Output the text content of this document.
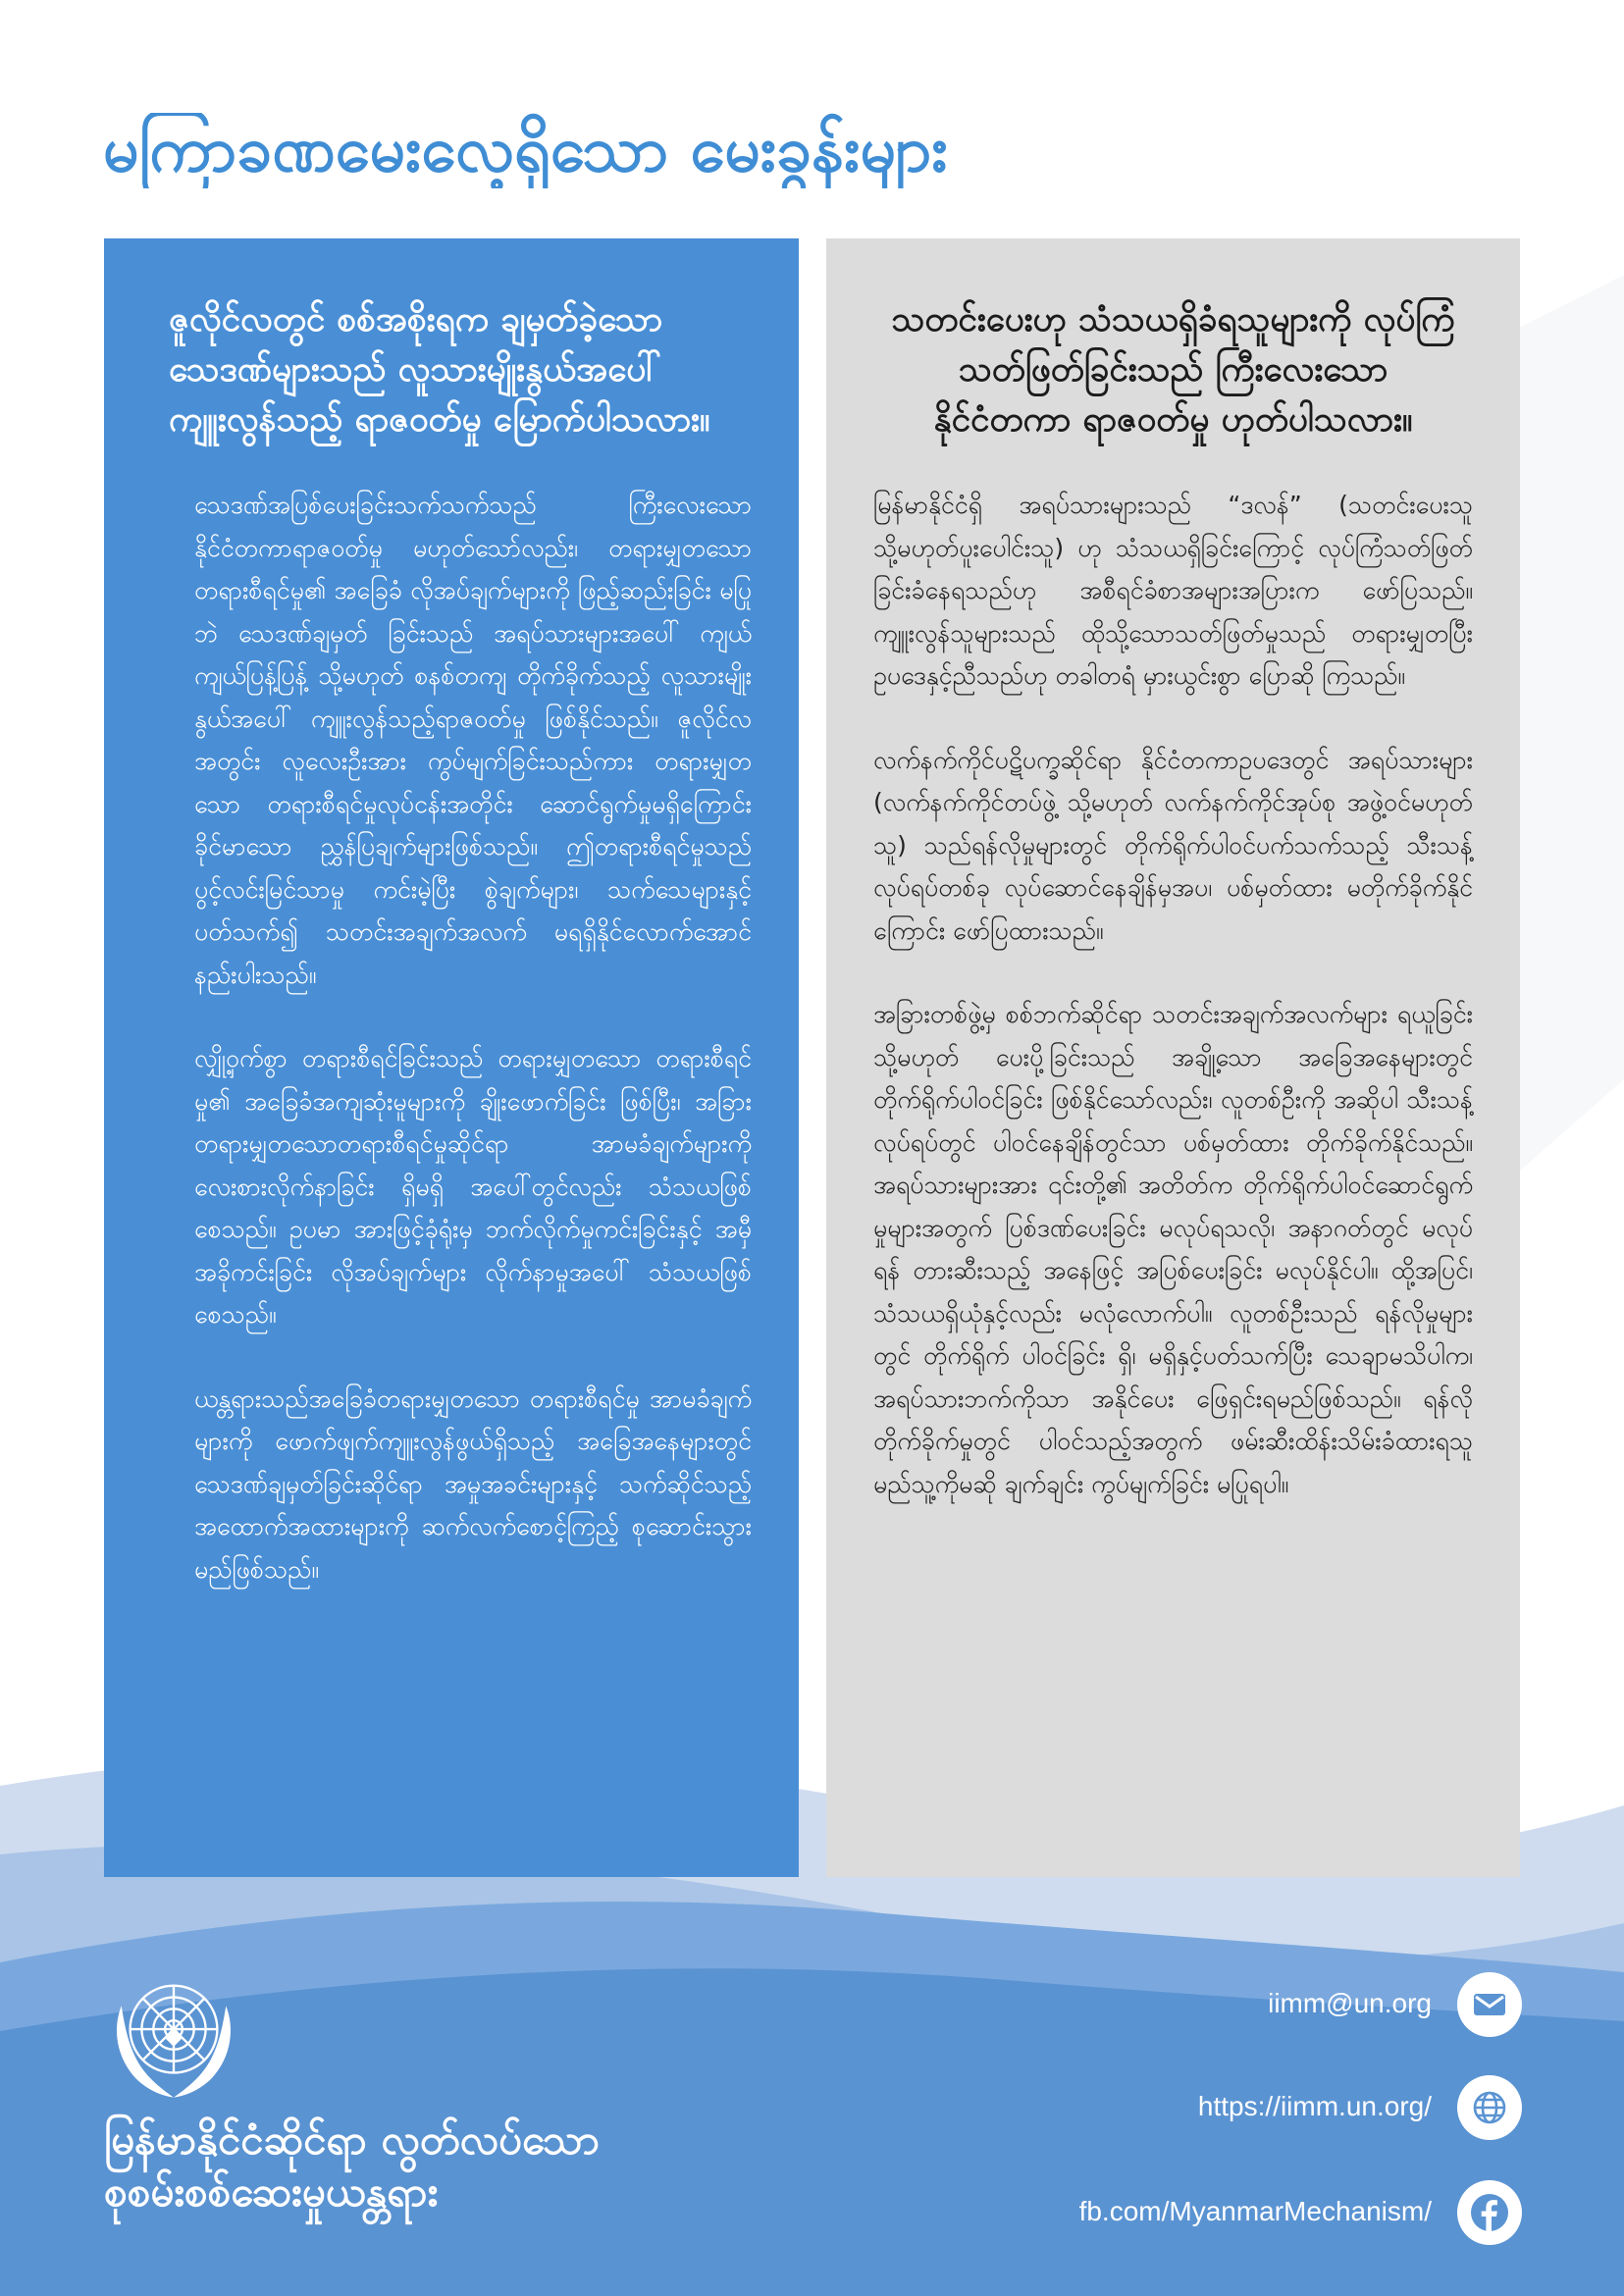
မကြာခဏမေးလေ့ရှိသော မေးခွန်းများ
ဇူလိုင်လတွင် စစ်အစိုးရက ချမှတ်ခဲ့သော သေဒဏ်များသည် လူသားမျိုးနွယ်အပေါ် ကျူးလွန်သည့် ရာဇဝတ်မှု မြောက်ပါသလား။

သေဒဏ်အပြစ်ပေးခြင်းသက်သက်သည် ကြီးလေးသော နိုင်ငံတကာရာဇဝတ်မှု မဟုတ်သော်လည်း၊ တရားမျှတသော တရားစီရင်မှု၏ အခြေခံ လိုအပ်ချက်များကို ဖြည့်ဆည်းခြင်း မပြုဘဲ သေဒဏ်ချမှတ် ခြင်းသည် အရပ်သားများအပေါ် ကျယ်ကျယ်ပြန့်ပြန့် သို့မဟုတ် စနစ်တကျ တိုက်ခိုက်သည့် လူသားမျိုးနွယ်အပေါ် ကျူးလွန်သည့်ရာဇဝတ်မှု ဖြစ်နိုင်သည်။ ဇူလိုင်လအတွင်း လူလေးဦးအား ကွပ်မျက်ခြင်းသည်ကား တရားမျှတသော တရားစီရင်မှုလုပ်ငန်းအတိုင်း ဆောင်ရွက်မှုမရှိကြောင်း ခိုင်မာသော ညွှန်ပြချက်များဖြစ်သည်။ ဤတရားစီရင်မှုသည် ပွင့်လင်းမြင်သာမှု ကင်းမဲ့ပြီး စွဲချက်များ၊ သက်သေများနှင့် ပတ်သက်၍ သတင်းအချက်အလက် မရရှိနိုင်လောက်အောင် နည်းပါးသည်။

လျှို့ဝှက်စွာ တရားစီရင်ခြင်းသည် တရားမျှတသော တရားစီရင်မှု၏ အခြေခံအကျဆုံးမူများကို ချိုးဖောက်ခြင်း ဖြစ်ပြီး၊ အခြားတရားမျှတသောတရားစီရင်မှုဆိုင်ရာ အာမခံချက်များကို လေးစားလိုက်နာခြင်း ရှိမရှိ အပေါ်တွင်လည်း သံသယဖြစ်စေသည်။ ဥပမာ အားဖြင့်ခုံရုံးမှ ဘက်လိုက်မှုကင်းခြင်းနှင့် အမှီအခိုကင်းခြင်း လိုအပ်ချက်များ လိုက်နာမှုအပေါ် သံသယဖြစ်စေသည်။

ယန္တရားသည်အခြေခံတရားမျှတသော တရားစီရင်မှု အာမခံချက်များကို ဖောက်ဖျက်ကျူးလွန်ဖွယ်ရှိသည့် အခြေအနေများတွင် သေဒဏ်ချမှတ်ခြင်းဆိုင်ရာ အမှုအခင်းများနှင့် သက်ဆိုင်သည့် အထောက်အထားများကို ဆက်လက်စောင့်ကြည့် စုဆောင်းသွားမည်ဖြစ်သည်။

သတင်းပေးဟု သံသယရှိခံရသူများကို လုပ်ကြံသတ်ဖြတ်ခြင်းသည် ကြီးလေးသော နိုင်ငံတကာ ရာဇဝတ်မှု ဟုတ်ပါသလား။

မြန်မာနိုင်ငံရှိ အရပ်သားများသည် “ဒလန်” (သတင်းပေးသူ သို့မဟုတ်ပူးပေါင်းသူ) ဟု သံသယရှိခြင်းကြောင့် လုပ်ကြံသတ်ဖြတ်ခြင်းခံနေရသည်ဟု အစီရင်ခံစာအများအပြားက ဖော်ပြသည်။ ကျူးလွန်သူများသည် ထိုသို့သောသတ်ဖြတ်မှုသည် တရားမျှတပြီး ဥပဒေနှင့်ညီသည်ဟု တခါတရံ မှားယွင်းစွာ ပြောဆို ကြသည်။

လက်နက်ကိုင်ပဋိပက္ခဆိုင်ရာ နိုင်ငံတကာဥပဒေတွင် အရပ်သားများ (လက်နက်ကိုင်တပ်ဖွဲ့ သို့မဟုတ် လက်နက်ကိုင်အုပ်စု အဖွဲ့ဝင်မဟုတ်သူ) သည်ရန်လိုမှုများတွင် တိုက်ရိုက်ပါဝင်ပက်သက်သည့် သီးသန့် လုပ်ရပ်တစ်ခု လုပ်ဆောင်နေချိန်မှအပ၊ ပစ်မှတ်ထား မတိုက်ခိုက်နိုင်ကြောင်း ဖော်ပြထားသည်။

အခြားတစ်ဖွဲ့မှ စစ်ဘက်ဆိုင်ရာ သတင်းအချက်အလက်များ ရယူခြင်း သို့မဟုတ် ပေးပို့ခြင်းသည် အချို့သော အခြေအနေများတွင် တိုက်ရိုက်ပါဝင်ခြင်း ဖြစ်နိုင်သော်လည်း၊ လူတစ်ဦးကို အဆိုပါ သီးသန့် လုပ်ရပ်တွင် ပါဝင်နေချိန်တွင်သာ ပစ်မှတ်ထား တိုက်ခိုက်နိုင်သည်။ အရပ်သားများအား ၎င်းတို့၏ အတိတ်က တိုက်ရိုက်ပါဝင်ဆောင်ရွက်မှုများအတွက် ပြစ်ဒဏ်ပေးခြင်း မလုပ်ရသလို၊ အနာဂတ်တွင် မလုပ်ရန် တားဆီးသည့် အနေဖြင့် အပြစ်ပေးခြင်း မလုပ်နိုင်ပါ။ ထို့အပြင်၊ သံသယရှိယုံနှင့်လည်း မလုံလောက်ပါ။ လူတစ်ဦးသည် ရန်လိုမှုများတွင် တိုက်ရိုက် ပါဝင်ခြင်း ရှိ၊ မရှိနှင့်ပတ်သက်ပြီး သေချာမသိပါက၊ အရပ်သားဘက်ကိုသာ အနိုင်ပေး ဖြေရှင်းရမည်ဖြစ်သည်။ ရန်လိုတိုက်ခိုက်မှုတွင် ပါဝင်သည့်အတွက် ဖမ်းဆီးထိန်းသိမ်းခံထားရသူ မည်သူ့ကိုမဆို ချက်ချင်း ကွပ်မျက်ခြင်း မပြုရပါ။

မြန်မာနိုင်ငံဆိုင်ရာ လွတ်လပ်သော
စုစမ်းစစ်ဆေးမှုယန္တရား

iimm@un.org
https://iimm.un.org/
fb.com/MyanmarMechanism/
